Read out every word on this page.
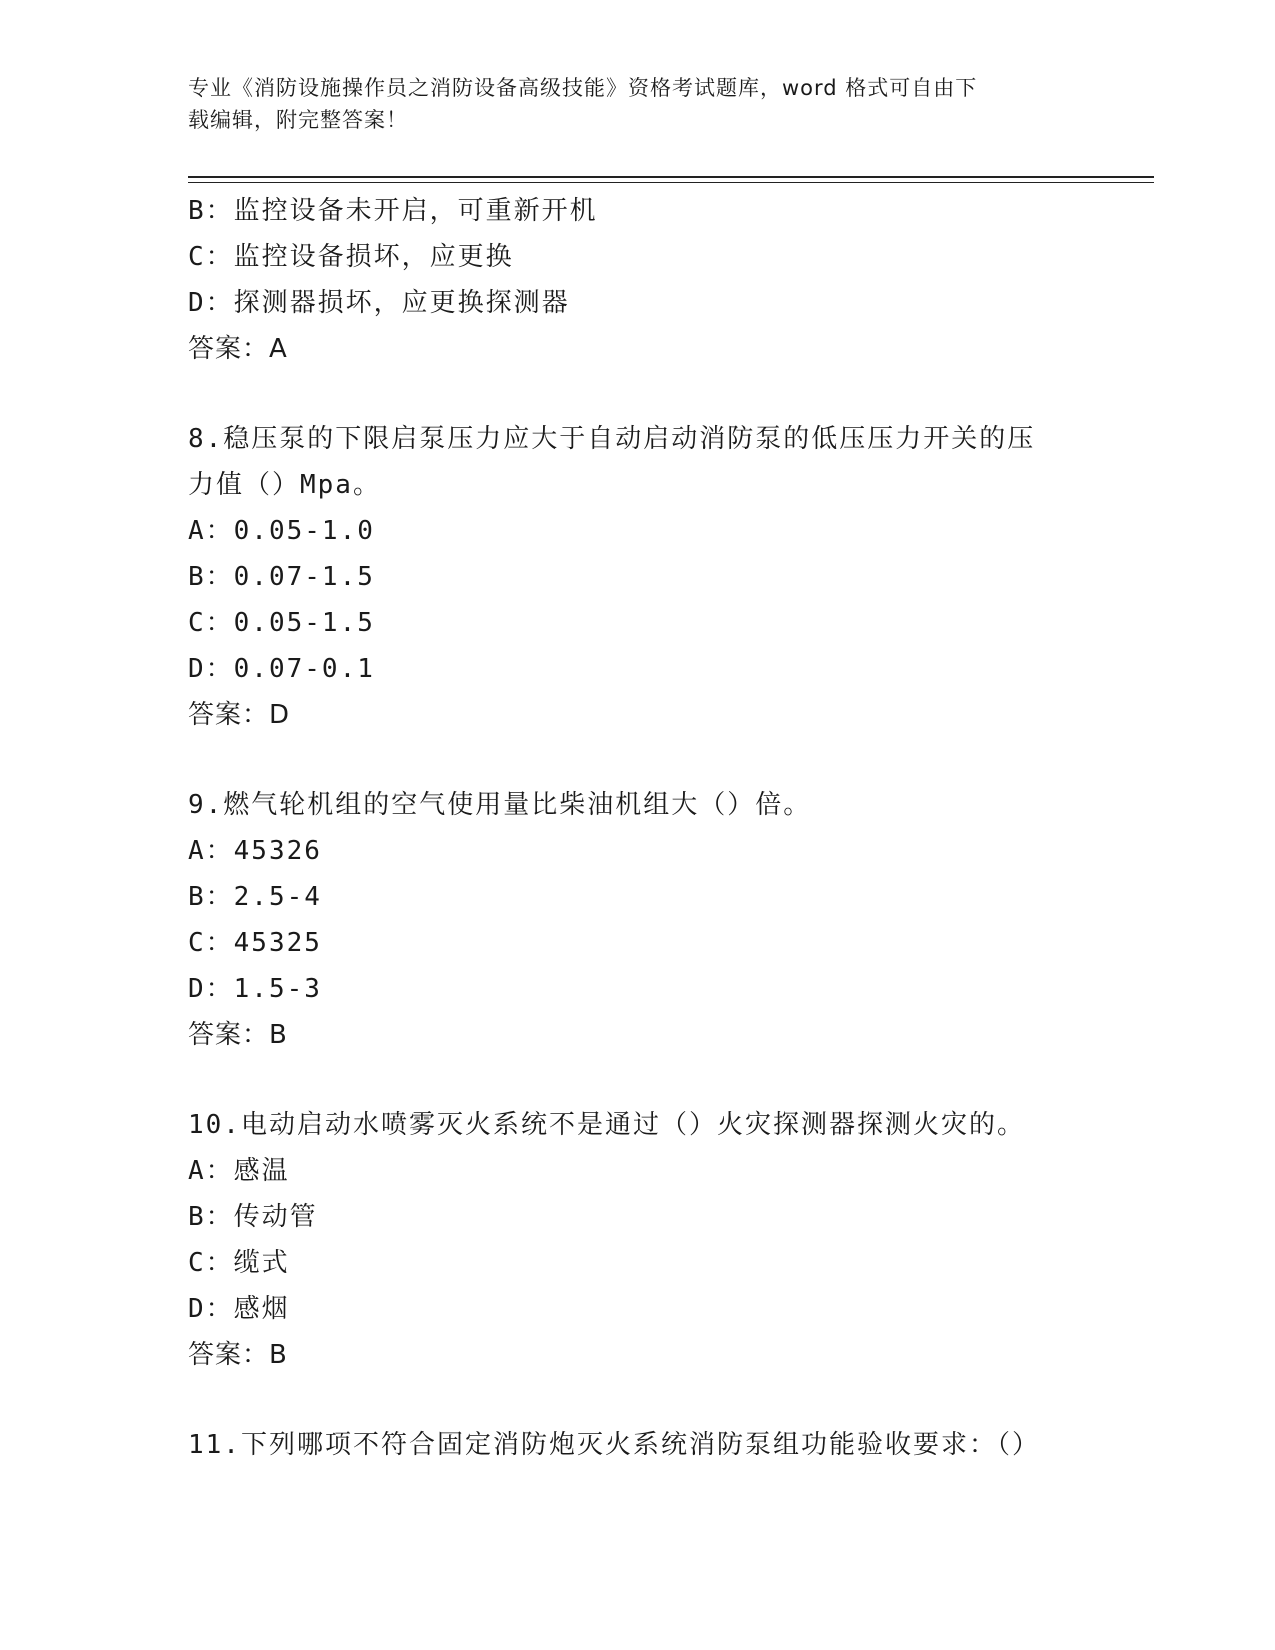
专业《消防设施操作员之消防设备高级技能》资格考试题库，word 格式可自由下
载编辑，附完整答案！
B：监控设备未开启，可重新开机
C：监控设备损坏，应更换
D：探测器损坏，应更换探测器
答案：A
8.稳压泵的下限启泵压力应大于自动启动消防泵的低压压力开关的压
力值（）Mpa。
A：0.05-1.0
B：0.07-1.5
C：0.05-1.5
D：0.07-0.1
答案：D
9.燃气轮机组的空气使用量比柴油机组大（）倍。
A：45326
B：2.5-4
C：45325
D：1.5-3
答案：B
10.电动启动水喷雾灭火系统不是通过（）火灾探测器探测火灾的。
A：感温
B：传动管
C：缆式
D：感烟
答案：B
11.下列哪项不符合固定消防炮灭火系统消防泵组功能验收要求：（）
